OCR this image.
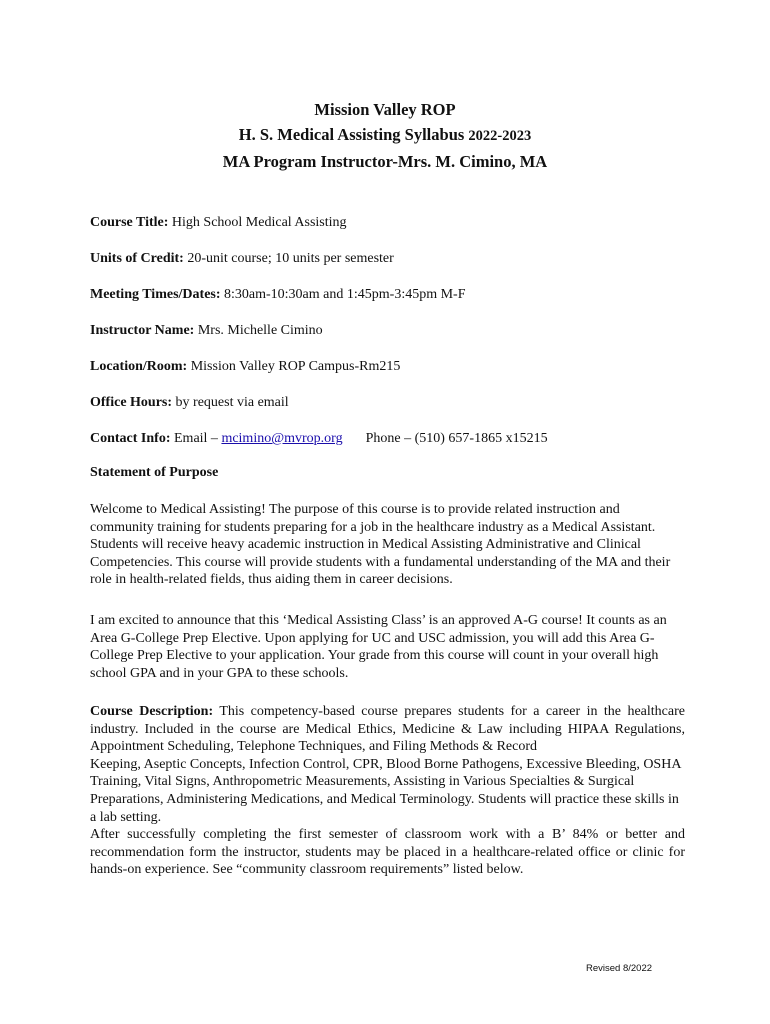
Mission Valley ROP
H. S. Medical Assisting Syllabus 2022-2023
MA Program Instructor-Mrs. M. Cimino, MA
Course Title: High School Medical Assisting
Units of Credit: 20-unit course; 10 units per semester
Meeting Times/Dates: 8:30am-10:30am and 1:45pm-3:45pm M-F
Instructor Name: Mrs. Michelle Cimino
Location/Room: Mission Valley ROP Campus-Rm215
Office Hours: by request via email
Contact Info: Email – mcimino@mvrop.org Phone – (510) 657-1865 x15215
Statement of Purpose

Welcome to Medical Assisting! The purpose of this course is to provide related instruction and community training for students preparing for a job in the healthcare industry as a Medical Assistant. Students will receive heavy academic instruction in Medical Assisting Administrative and Clinical Competencies. This course will provide students with a fundamental understanding of the MA and their role in health-related fields, thus aiding them in career decisions.

I am excited to announce that this ‘Medical Assisting Class’ is an approved A-G course! It counts as an Area G-College Prep Elective. Upon applying for UC and USC admission, you will add this Area G-College Prep Elective to your application. Your grade from this course will count in your overall high school GPA and in your GPA to these schools.

Course Description: This competency-based course prepares students for a career in the healthcare industry. Included in the course are Medical Ethics, Medicine & Law including HIPAA Regulations, Appointment Scheduling, Telephone Techniques, and Filing Methods & Record
Keeping, Aseptic Concepts, Infection Control, CPR, Blood Borne Pathogens, Excessive Bleeding, OSHA Training, Vital Signs, Anthropometric Measurements, Assisting in Various Specialties & Surgical Preparations, Administering Medications, and Medical Terminology. Students will practice these skills in a lab setting.
After successfully completing the first semester of classroom work with a B’ 84% or better and recommendation form the instructor, students may be placed in a healthcare-related office or clinic for hands-on experience. See “community classroom requirements” listed below.
Revised 8/2022
